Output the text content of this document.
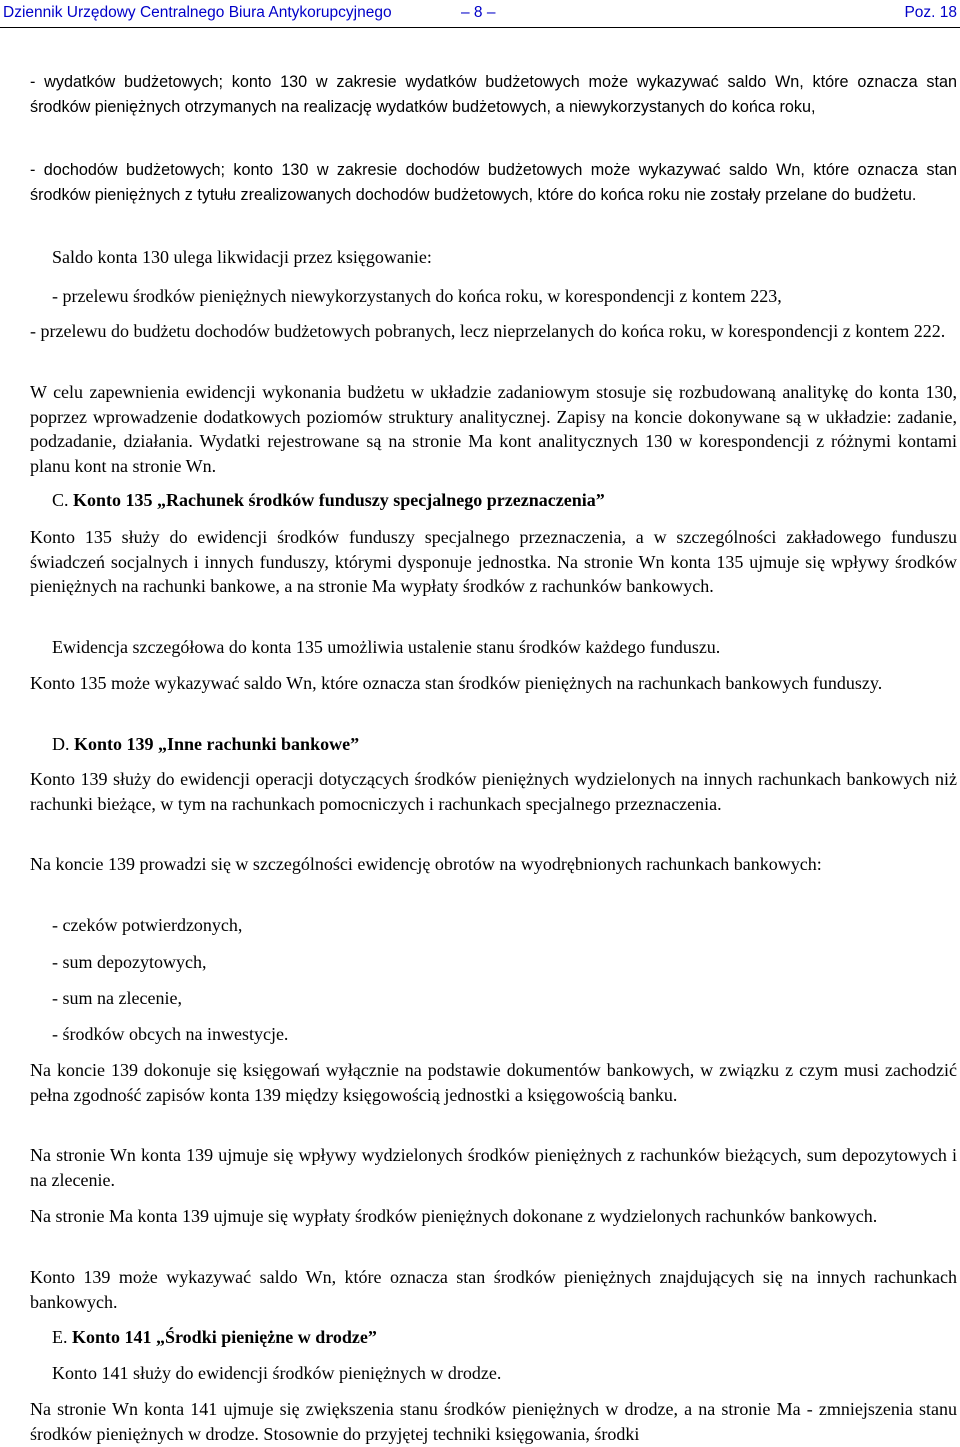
Dziennik Urzędowy Centralnego Biura Antykorupcyjnego	– 8 –	Poz. 18

- wydatków budżetowych; konto 130 w zakresie wydatków budżetowych może wykazywać saldo Wn, które oznacza stan środków pieniężnych otrzymanych na realizację wydatków budżetowych, a niewykorzystanych do końca roku,

- dochodów budżetowych; konto 130 w zakresie dochodów budżetowych może wykazywać saldo Wn, które oznacza stan środków pieniężnych z tytułu zrealizowanych dochodów budżetowych, które do końca roku nie zostały przelane do budżetu.

Saldo konta 130 ulega likwidacji przez księgowanie:

- przelewu środków pieniężnych niewykorzystanych do końca roku, w korespondencji z kontem 223,

- przelewu do budżetu dochodów budżetowych pobranych, lecz nieprzelanych do końca roku, w korespondencji z kontem 222.

W celu zapewnienia ewidencji wykonania budżetu w układzie zadaniowym stosuje się rozbudowaną analitykę do konta 130, poprzez wprowadzenie dodatkowych poziomów struktury analitycznej. Zapisy na koncie dokonywane są w układzie: zadanie, podzadanie, działania. Wydatki rejestrowane są na stronie Ma kont analitycznych 130 w korespondencji z różnymi kontami planu kont na stronie Wn.

C. Konto 135 „Rachunek środków funduszy specjalnego przeznaczenia”

Konto 135 służy do ewidencji środków funduszy specjalnego przeznaczenia, a w szczególności zakładowego funduszu świadczeń socjalnych i innych funduszy, którymi dysponuje jednostka. Na stronie Wn konta 135 ujmuje się wpływy środków pieniężnych na rachunki bankowe, a na stronie Ma wypłaty środków z rachunków bankowych.

Ewidencja szczegółowa do konta 135 umożliwia ustalenie stanu środków każdego funduszu.

Konto 135 może wykazywać saldo Wn, które oznacza stan środków pieniężnych na rachunkach bankowych funduszy.

D. Konto 139 „Inne rachunki bankowe”

Konto 139 służy do ewidencji operacji dotyczących środków pieniężnych wydzielonych na innych rachunkach bankowych niż rachunki bieżące, w tym na rachunkach pomocniczych i rachunkach specjalnego przeznaczenia.

Na koncie 139 prowadzi się w szczególności ewidencję obrotów na wyodrębnionych rachunkach bankowych:

- czeków potwierdzonych,

- sum depozytowych,

- sum na zlecenie,

- środków obcych na inwestycje.

Na koncie 139 dokonuje się księgowań wyłącznie na podstawie dokumentów bankowych, w związku z czym musi zachodzić pełna zgodność zapisów konta 139 między księgowością jednostki a księgowością banku.

Na stronie Wn konta 139 ujmuje się wpływy wydzielonych środków pieniężnych z rachunków bieżących, sum depozytowych i na zlecenie.

Na stronie Ma konta 139 ujmuje się wypłaty środków pieniężnych dokonane z wydzielonych rachunków bankowych.

Konto 139 może wykazywać saldo Wn, które oznacza stan środków pieniężnych znajdujących się na innych rachunkach bankowych.

E. Konto 141 „Środki pieniężne w drodze”

Konto 141 służy do ewidencji środków pieniężnych w drodze.

Na stronie Wn konta 141 ujmuje się zwiększenia stanu środków pieniężnych w drodze, a na stronie Ma - zmniejszenia stanu środków pieniężnych w drodze. Stosownie do przyjętej techniki księgowania, środki
